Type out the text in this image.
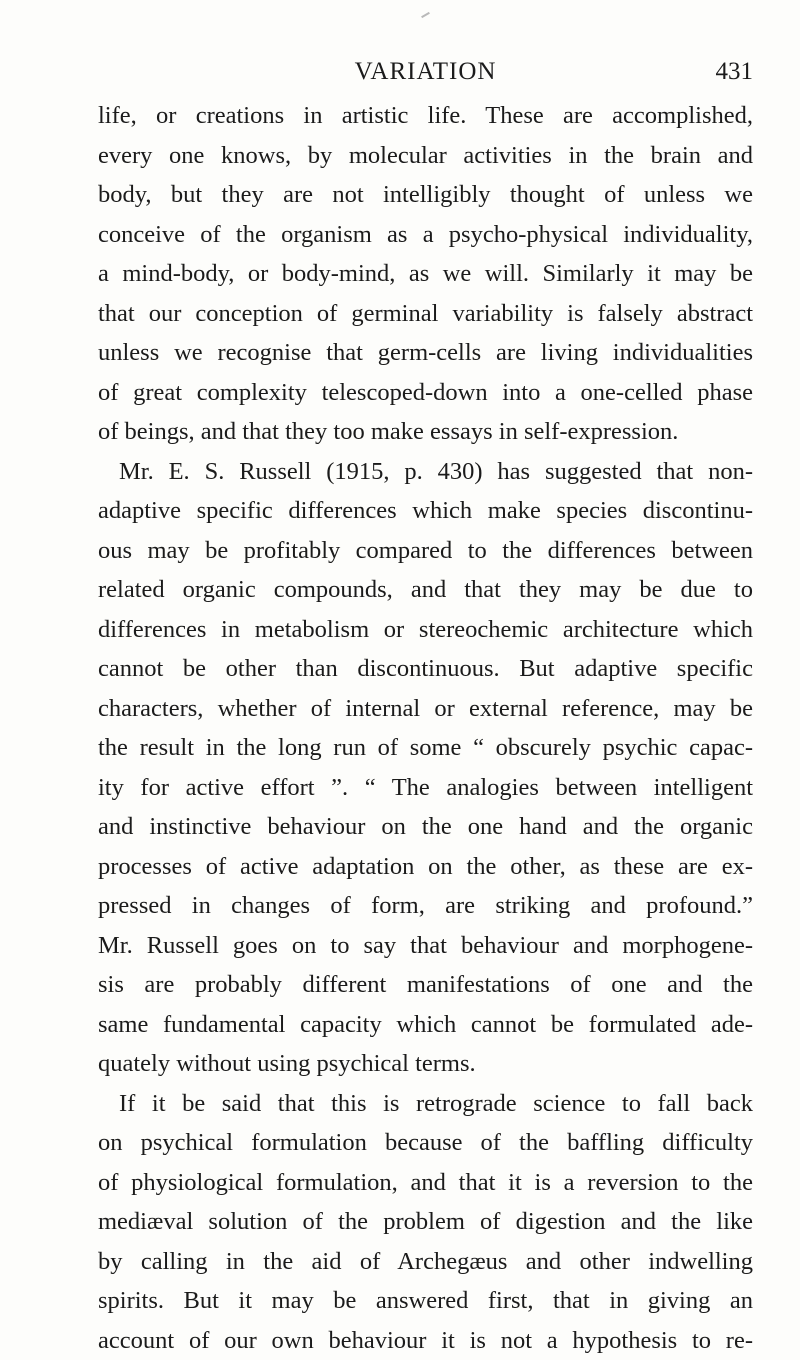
VARIATION	431
life, or creations in artistic life. These are accomplished,
every one knows, by molecular activities in the brain and
body, but they are not intelligibly thought of unless we
conceive of the organism as a psycho-physical individuality,
a mind-body, or body-mind, as we will. Similarly it may be
that our conception of germinal variability is falsely abstract
unless we recognise that germ-cells are living individualities
of great complexity telescoped-down into a one-celled phase
of beings, and that they too make essays in self-expression.
Mr. E. S. Russell (1915, p. 430) has suggested that non-
adaptive specific differences which make species discontinu-
ous may be profitably compared to the differences between
related organic compounds, and that they may be due to
differences in metabolism or stereochemic architecture which
cannot be other than discontinuous. But adaptive specific
characters, whether of internal or external reference, may be
the result in the long run of some “ obscurely psychic capac-
ity for active effort ”. “ The analogies between intelligent
and instinctive behaviour on the one hand and the organic
processes of active adaptation on the other, as these are ex-
pressed in changes of form, are striking and profound.”
Mr. Russell goes on to say that behaviour and morphogene-
sis are probably different manifestations of one and the
same fundamental capacity which cannot be formulated ade-
quately without using psychical terms.
If it be said that this is retrograde science to fall back
on psychical formulation because of the baffling difficulty
of physiological formulation, and that it is a reversion to the
mediæval solution of the problem of digestion and the like
by calling in the aid of Archegæus and other indwelling
spirits. But it may be answered first, that in giving an
account of our own behaviour it is not a hypothesis to re-
